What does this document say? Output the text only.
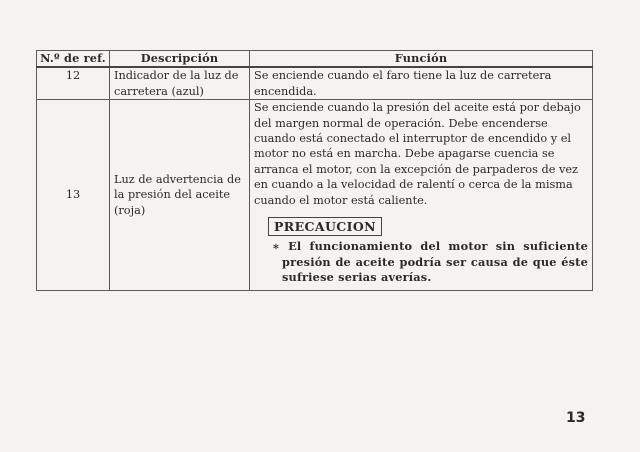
N.º de ref.	Descripción	Función
12	Indicador de la luz de carretera (azul)	Se enciende cuando el faro tiene la luz de carretera encendida.
13	Luz de advertencia de la presión del aceite (roja)	Se enciende cuando la presión del aceite está por debajo del margen normal de operación. Debe encenderse cuando está conectado el interruptor de encendido y el motor no está en marcha. Debe apagarse cuencia se arranca el motor, con la excepción de parpaderos de vez en cuando a la velocidad de ralentí o cerca de la misma cuando el motor está caliente.
PRECAUCION
∗ El funcionamiento del motor sin suficiente presión de aceite podría ser causa de que éste sufriese serias averías.
13
